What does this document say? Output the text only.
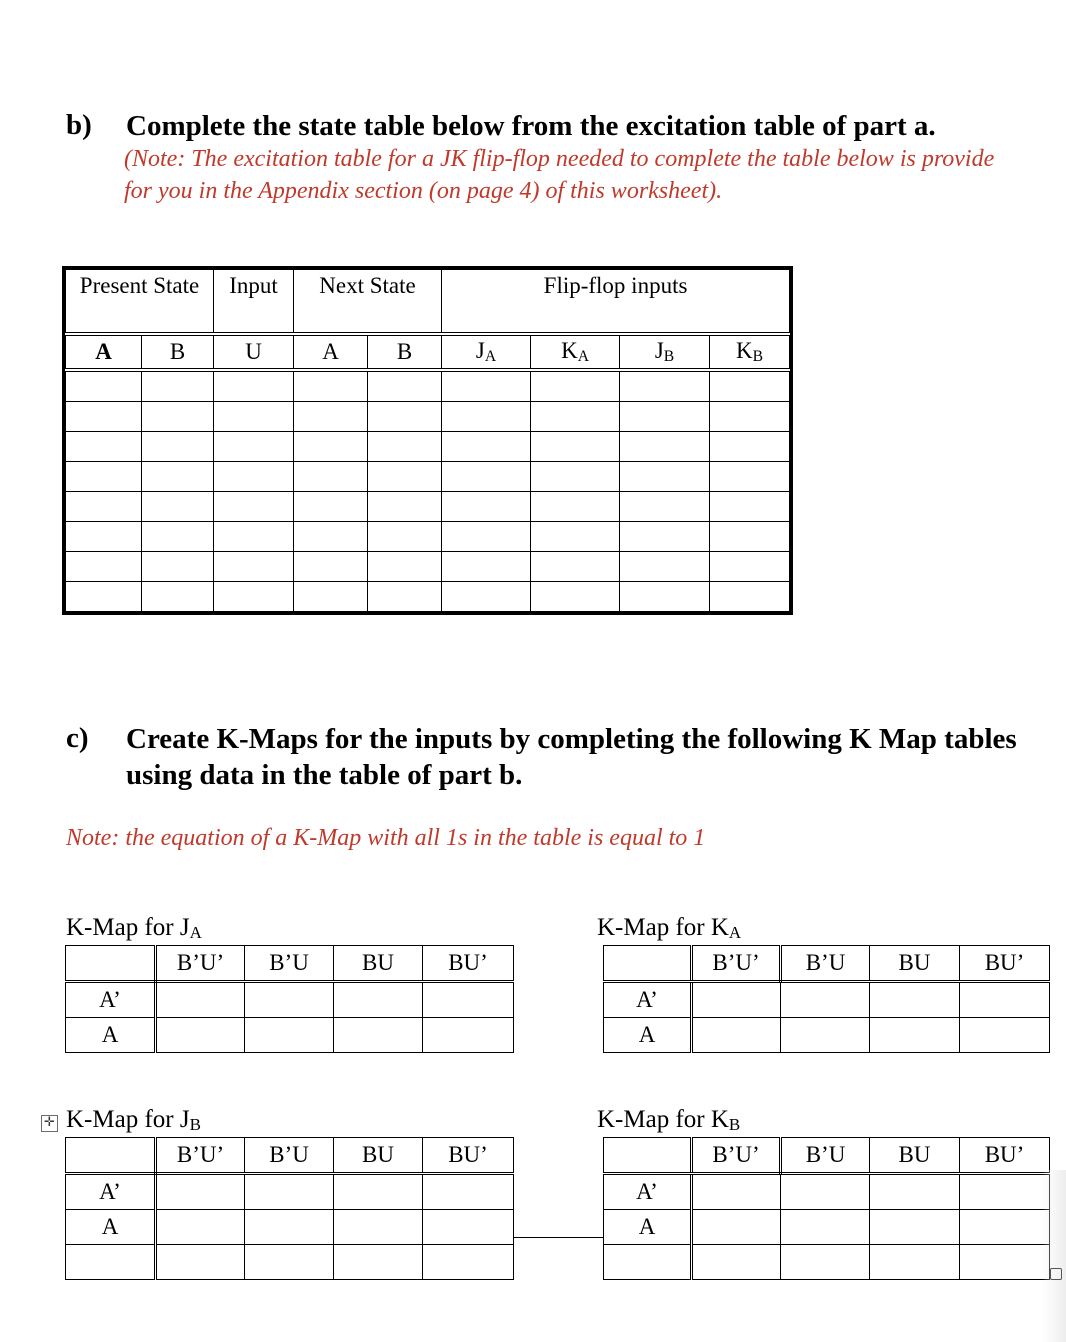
b) Complete the state table below from the excitation table of part a.
(Note: The excitation table for a JK flip-flop needed to complete the table below is provide
for you in the Appendix section (on page 4) of this worksheet).
Present State		Input	Next State		Flip-flop inputs			
A	B	U	A	B	$J_A$	$K_A$	$J_B$	$K_B$

c) Create K-Maps for the inputs by completing the following K Map tables
using data in the table of part b.
Note: the equation of a K-Map with all 1s in the table is equal to 1
K-Map for $J_A$
	B’U’	B’U	BU	BU’
A’				
A				
K-Map for $K_A$
	B’U’	B’U	BU	BU’
A’				
A				
✛ K-Map for $J_B$
	B’U’	B’U	BU	BU’
A’				
A				

K-Map for $K_B$
	B’U’	B’U	BU	BU’
A’				
A				
